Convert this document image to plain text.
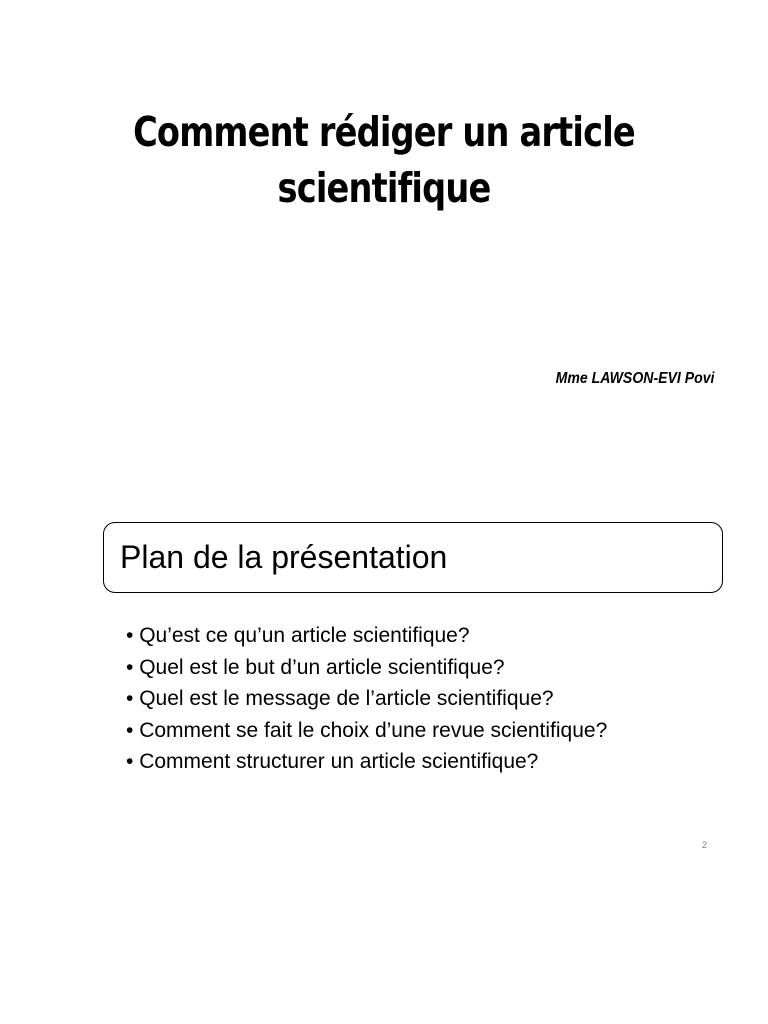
Comment rédiger un article
scientifique
Mme LAWSON-EVI Povi
Plan de la présentation
• Qu’est ce qu’un article scientifique?
• Quel est le but d’un article scientifique?
• Quel est le message de l’article scientifique?
• Comment se fait le choix d’une revue scientifique?
• Comment structurer un article scientifique?
2
